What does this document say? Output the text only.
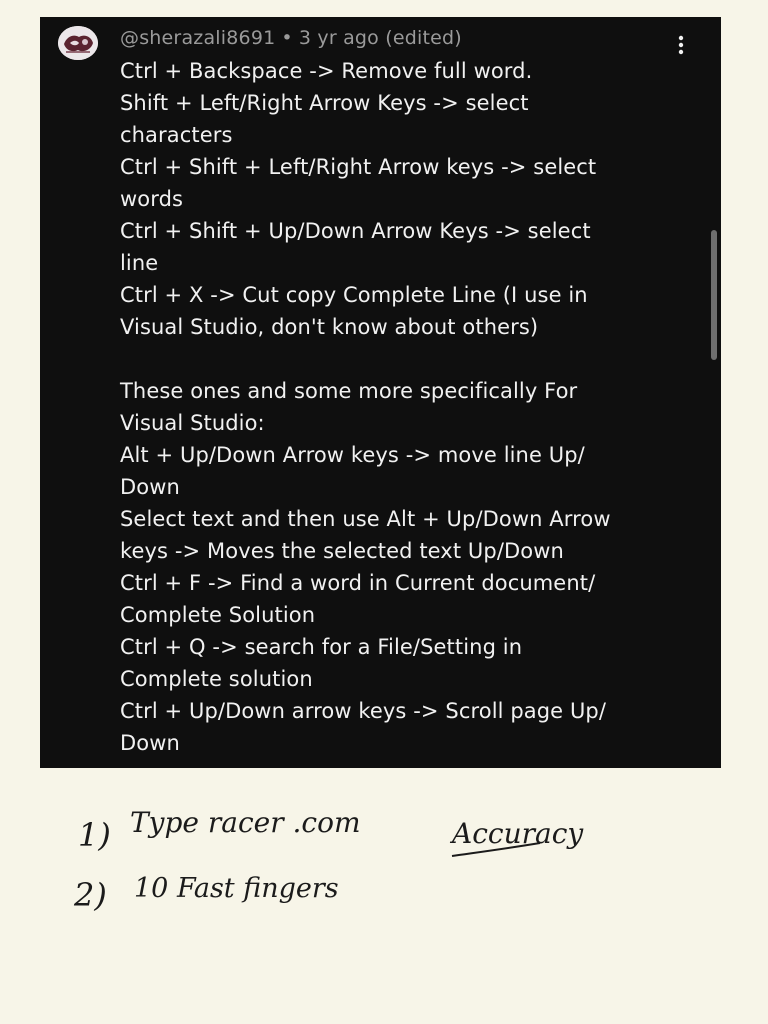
@sherazali8691 • 3 yr ago (edited)
Ctrl + Backspace -> Remove full word.
Shift + Left/Right Arrow Keys -> select
characters
Ctrl + Shift + Left/Right Arrow keys -> select
words
Ctrl + Shift + Up/Down Arrow Keys -> select
line
Ctrl + X -> Cut copy Complete Line (I use in
Visual Studio, don't know about others)
These ones and some more specifically For
Visual Studio:
Alt + Up/Down Arrow keys -> move line Up/
Down
Select text and then use Alt + Up/Down Arrow
keys -> Moves the selected text Up/Down
Ctrl + F -> Find a word in Current document/
Complete Solution
Ctrl + Q -> search for a File/Setting in
Complete solution
Ctrl + Up/Down arrow keys -> Scroll page Up/
Down
1) Type racer .com
2) 10 Fast fingers
Accuracy
